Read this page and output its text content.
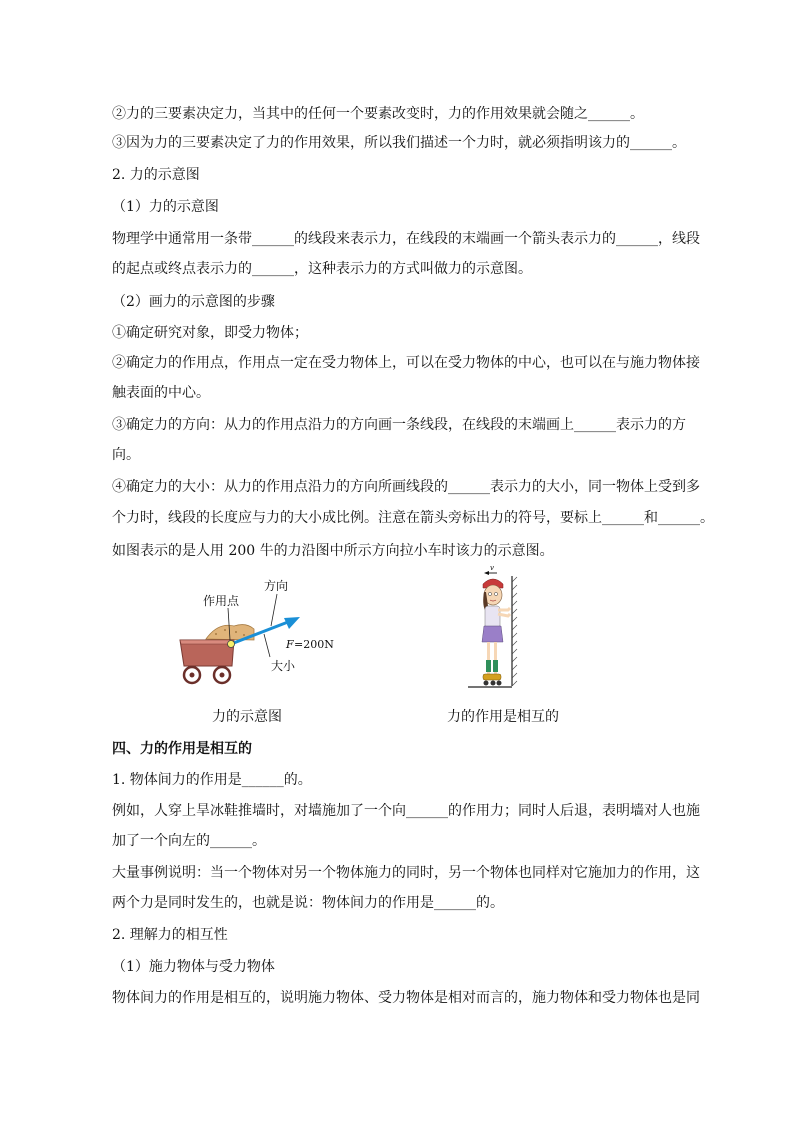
②力的三要素决定力，当其中的任何一个要素改变时，力的作用效果就会随之______。
③因为力的三要素决定了力的作用效果，所以我们描述一个力时，就必须指明该力的______。
2. 力的示意图
（1）力的示意图
物理学中通常用一条带______的线段来表示力，在线段的末端画一个箭头表示力的______，线段
的起点或终点表示力的______，这种表示力的方式叫做力的示意图。
（2）画力的示意图的步骤
①确定研究对象，即受力物体；
②确定力的作用点，作用点一定在受力物体上，可以在受力物体的中心，也可以在与施力物体接
触表面的中心。
③确定力的方向：从力的作用点沿力的方向画一条线段，在线段的末端画上______表示力的方
向。
④确定力的大小：从力的作用点沿力的方向所画线段的______表示力的大小，同一物体上受到多
个力时，线段的长度应与力的大小成比例。注意在箭头旁标出力的符号，要标上______和______。
如图表示的是人用 200 牛的力沿图中所示方向拉小车时该力的示意图。
作用点
方向
F =200N
大小
v
力的示意图	力的作用是相互的
四、力的作用是相互的
1. 物体间力的作用是______的。
例如，人穿上旱冰鞋推墙时，对墙施加了一个向______的作用力；同时人后退，表明墙对人也施
加了一个向左的______。
大量事例说明：当一个物体对另一个物体施力的同时，另一个物体也同样对它施加力的作用，这
两个力是同时发生的，也就是说：物体间力的作用是______的。
2. 理解力的相互性
（1）施力物体与受力物体
物体间力的作用是相互的，说明施力物体、受力物体是相对而言的，施力物体和受力物体也是同
